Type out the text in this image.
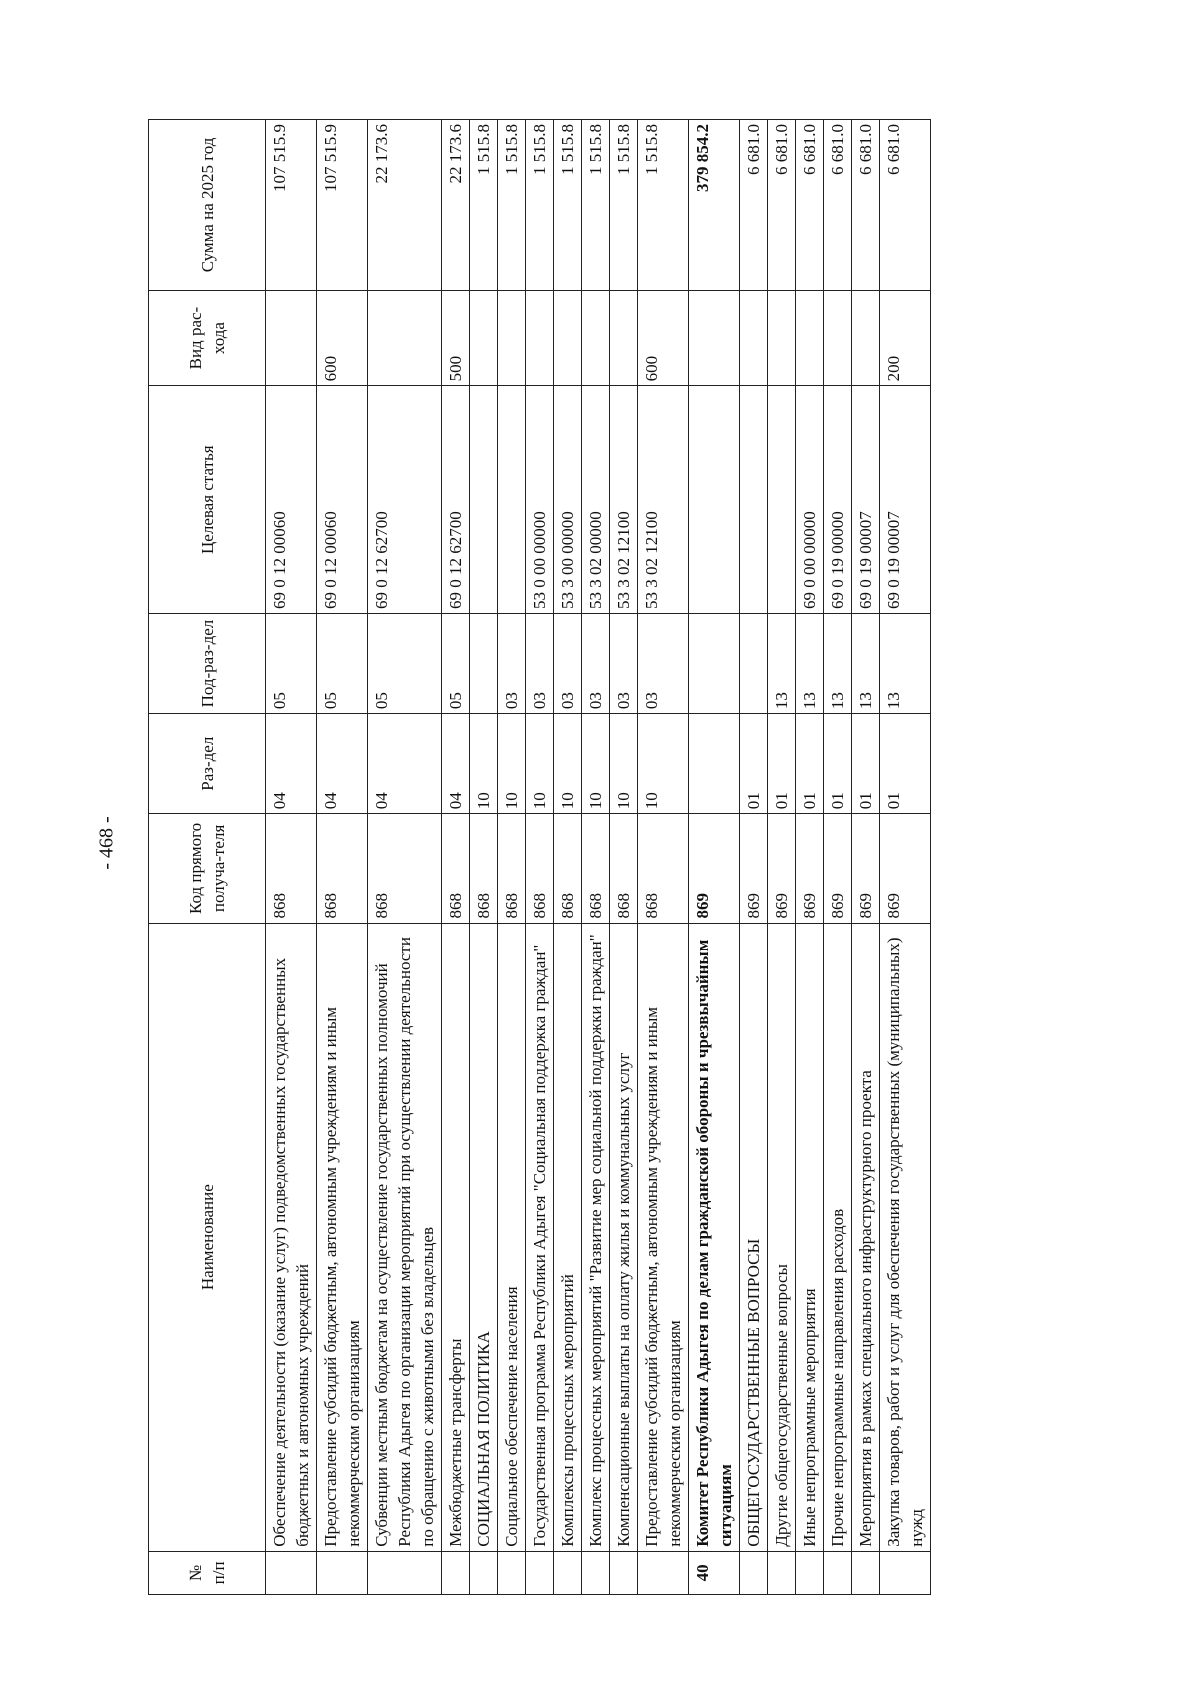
- 468 -
№ п/п	Наименование	Код прямого получа-теля	Раз-дел	Под-раз-дел	Целевая статья	Вид рас-хода	Сумма на 2025 год
	Обеспечение деятельности (оказание услуг) подведомственных государственных бюджетных и автономных учреждений	868	04	05	69 0 12 00060		107 515.9
	Предоставление субсидий бюджетным, автономным учреждениям и иным некоммерческим организациям	868	04	05	69 0 12 00060	600	107 515.9
	Субвенции местным бюджетам на осуществление государственных полномочий Республики Адыгея по организации мероприятий при осуществлении деятельности по обращению с животными без владельцев	868	04	05	69 0 12 62700		22 173.6
	Межбюджетные трансферты	868	04	05	69 0 12 62700	500	22 173.6
	СОЦИАЛЬНАЯ ПОЛИТИКА	868	10				1 515.8
	Социальное обеспечение населения	868	10	03			1 515.8
	Государственная программа Республики Адыгея "Социальная поддержка граждан"	868	10	03	53 0 00 00000		1 515.8
	Комплексы процессных мероприятий	868	10	03	53 3 00 00000		1 515.8
	Комплекс процессных мероприятий "Развитие мер социальной поддержки граждан"	868	10	03	53 3 02 00000		1 515.8
	Компенсационные выплаты на оплату жилья и коммунальных услуг	868	10	03	53 3 02 12100		1 515.8
	Предоставление субсидий бюджетным, автономным учреждениям и иным некоммерческим организациям	868	10	03	53 3 02 12100	600	1 515.8
40	Комитет Республики Адыгея по делам гражданской обороны и чрезвычайным ситуациям	869					379 854.2
	ОБЩЕГОСУДАРСТВЕННЫЕ ВОПРОСЫ	869	01				6 681.0
	Другие общегосударственные вопросы	869	01	13			6 681.0
	Иные непрограммные мероприятия	869	01	13	69 0 00 00000		6 681.0
	Прочие непрограммные направления расходов	869	01	13	69 0 19 00000		6 681.0
	Мероприятия в рамках специального инфраструктурного проекта	869	01	13	69 0 19 00007		6 681.0
	Закупка товаров, работ и услуг для обеспечения государственных (муниципальных) нужд	869	01	13	69 0 19 00007	200	6 681.0
